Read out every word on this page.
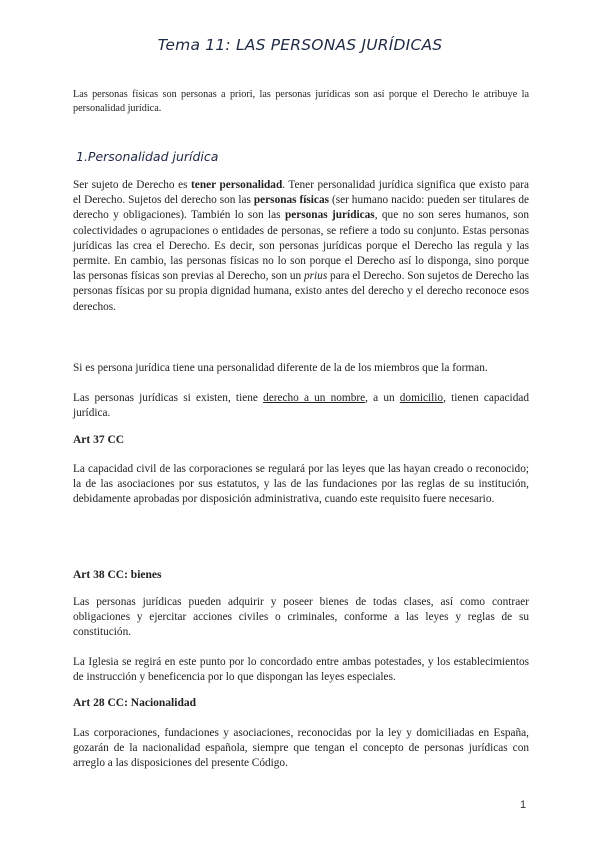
Tema 11: LAS PERSONAS JURÍDICAS

Las personas físicas son personas a priori, las personas jurídicas son así porque el Derecho le atribuye la personalidad jurídica.

1.Personalidad jurídica

Ser sujeto de Derecho es tener personalidad. Tener personalidad jurídica significa que existo para el Derecho. Sujetos del derecho son las personas físicas (ser humano nacido: pueden ser titulares de derecho y obligaciones). También lo son las personas jurídicas, que no son seres humanos, son colectividades o agrupaciones o entidades de personas, se refiere a todo su conjunto. Estas personas jurídicas las crea el Derecho. Es decir, son personas jurídicas porque el Derecho las regula y las permite. En cambio, las personas físicas no lo son porque el Derecho así lo disponga, sino porque las personas físicas son previas al Derecho, son un prius para el Derecho. Son sujetos de Derecho las personas físicas por su propia dignidad humana, existo antes del derecho y el derecho reconoce esos derechos.

Si es persona jurídica tiene una personalidad diferente de la de los miembros que la forman.

Las personas jurídicas si existen, tiene derecho a un nombre, a un domicilio, tienen capacidad jurídica.

Art 37 CC

La capacidad civil de las corporaciones se regulará por las leyes que las hayan creado o reconocido; la de las asociaciones por sus estatutos, y las de las fundaciones por las reglas de su institución, debidamente aprobadas por disposición administrativa, cuando este requisito fuere necesario.

Art 38 CC: bienes

Las personas jurídicas pueden adquirir y poseer bienes de todas clases, así como contraer obligaciones y ejercitar acciones civiles o criminales, conforme a las leyes y reglas de su constitución.

La Iglesia se regirá en este punto por lo concordado entre ambas potestades, y los establecimientos de instrucción y beneficencia por lo que dispongan las leyes especiales.

Art 28 CC: Nacionalidad

Las corporaciones, fundaciones y asociaciones, reconocidas por la ley y domiciliadas en España, gozarán de la nacionalidad española, siempre que tengan el concepto de personas jurídicas con arreglo a las disposiciones del presente Código.

1
